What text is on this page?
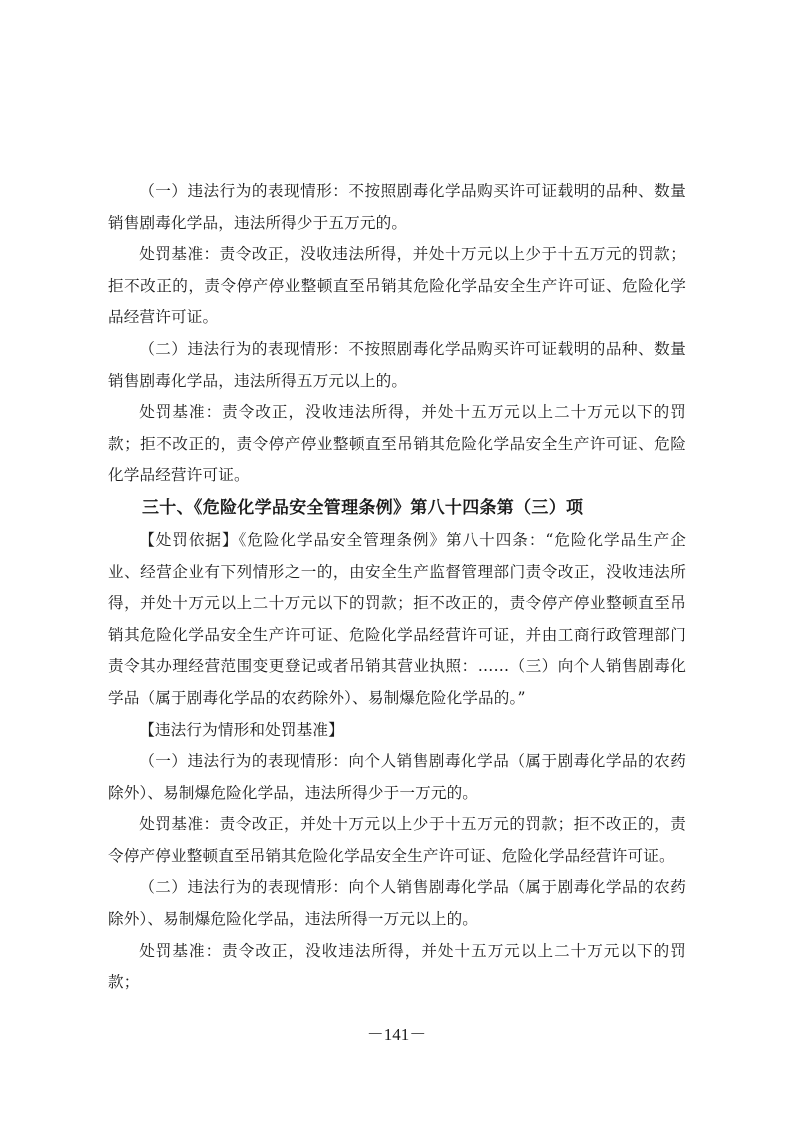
（一）违法行为的表现情形：不按照剧毒化学品购买许可证载明的品种、数量销售剧毒化学品，违法所得少于五万元的。

处罚基准：责令改正，没收违法所得，并处十万元以上少于十五万元的罚款；拒不改正的，责令停产停业整顿直至吊销其危险化学品安全生产许可证、危险化学品经营许可证。

（二）违法行为的表现情形：不按照剧毒化学品购买许可证载明的品种、数量销售剧毒化学品，违法所得五万元以上的。

处罚基准：责令改正，没收违法所得，并处十五万元以上二十万元以下的罚款；拒不改正的，责令停产停业整顿直至吊销其危险化学品安全生产许可证、危险化学品经营许可证。

三十、《危险化学品安全管理条例》第八十四条第（三）项

【处罚依据】《危险化学品安全管理条例》第八十四条：“危险化学品生产企业、经营企业有下列情形之一的，由安全生产监督管理部门责令改正，没收违法所得，并处十万元以上二十万元以下的罚款；拒不改正的，责令停产停业整顿直至吊销其危险化学品安全生产许可证、危险化学品经营许可证，并由工商行政管理部门责令其办理经营范围变更登记或者吊销其营业执照：……（三）向个人销售剧毒化学品（属于剧毒化学品的农药除外）、易制爆危险化学品的。”

【违法行为情形和处罚基准】

（一）违法行为的表现情形：向个人销售剧毒化学品（属于剧毒化学品的农药除外）、易制爆危险化学品，违法所得少于一万元的。

处罚基准：责令改正，并处十万元以上少于十五万元的罚款；拒不改正的，责令停产停业整顿直至吊销其危险化学品安全生产许可证、危险化学品经营许可证。

（二）违法行为的表现情形：向个人销售剧毒化学品（属于剧毒化学品的农药除外）、易制爆危险化学品，违法所得一万元以上的。

处罚基准：责令改正，没收违法所得，并处十五万元以上二十万元以下的罚款；

－141－
